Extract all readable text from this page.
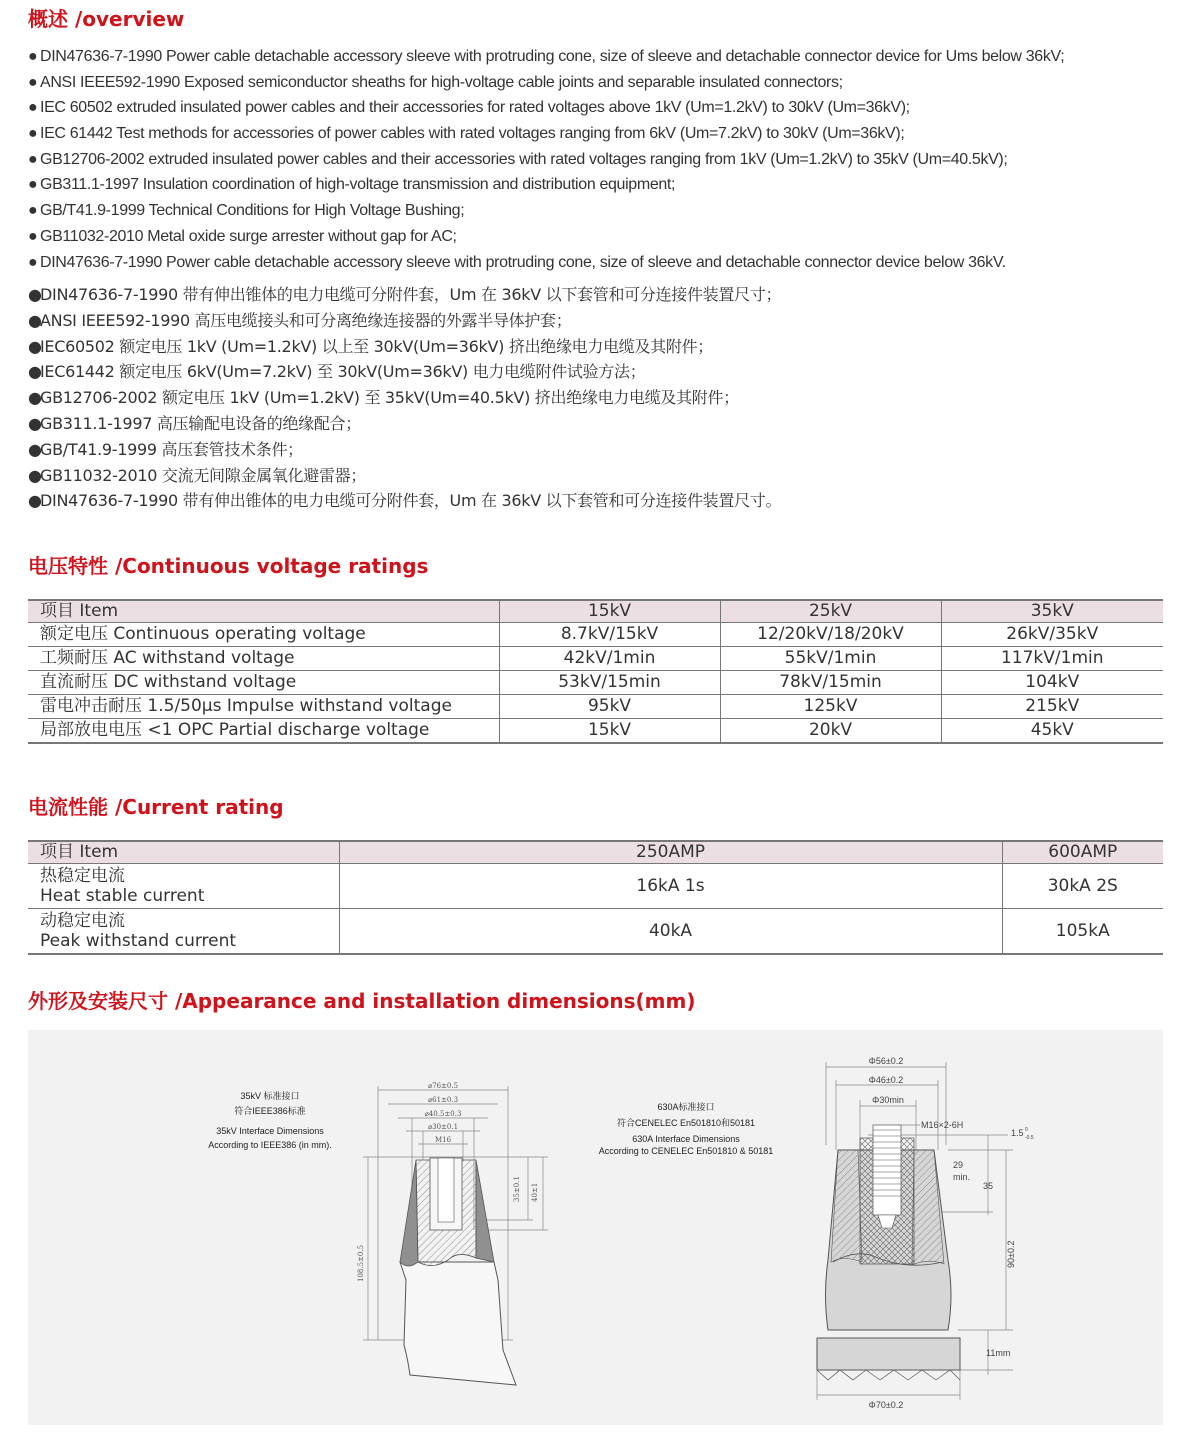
概述 /overview
● DIN47636-7-1990 Power cable detachable accessory sleeve with protruding cone, size of sleeve and detachable connector device for Ums below 36kV;
● ANSI IEEE592-1990 Exposed semiconductor sheaths for high-voltage cable joints and separable insulated connectors;
● IEC 60502 extruded insulated power cables and their accessories for rated voltages above 1kV (Um=1.2kV) to 30kV (Um=36kV);
● IEC 61442 Test methods for accessories of power cables with rated voltages ranging from 6kV (Um=7.2kV) to 30kV (Um=36kV);
● GB12706-2002 extruded insulated power cables and their accessories with rated voltages ranging from 1kV (Um=1.2kV) to 35kV (Um=40.5kV);
● GB311.1-1997 Insulation coordination of high-voltage transmission and distribution equipment;
● GB/T41.9-1999 Technical Conditions for High Voltage Bushing;
● GB11032-2010 Metal oxide surge arrester without gap for AC;
● DIN47636-7-1990 Power cable detachable accessory sleeve with protruding cone, size of sleeve and detachable connector device below 36kV.
●DIN47636-7-1990 带有伸出锥体的电力电缆可分附件套，Um 在 36kV 以下套管和可分连接件装置尺寸；
●ANSI IEEE592-1990 高压电缆接头和可分离绝缘连接器的外露半导体护套；
●IEC60502 额定电压 1kV (Um=1.2kV) 以上至 30kV(Um=36kV) 挤出绝缘电力电缆及其附件；
●IEC61442 额定电压 6kV(Um=7.2kV) 至 30kV(Um=36kV) 电力电缆附件试验方法；
●GB12706-2002 额定电压 1kV (Um=1.2kV) 至 35kV(Um=40.5kV) 挤出绝缘电力电缆及其附件；
●GB311.1-1997 高压输配电设备的绝缘配合；
●GB/T41.9-1999 高压套管技术条件；
●GB11032-2010 交流无间隙金属氧化避雷器；
●DIN47636-7-1990 带有伸出锥体的电力电缆可分附件套，Um 在 36kV 以下套管和可分连接件装置尺寸。
电压特性 /Continuous voltage ratings
项目 Item	15kV	25kV	35kV
额定电压 Continuous operating voltage	8.7kV/15kV	12/20kV/18/20kV	26kV/35kV
工频耐压 AC withstand voltage	42kV/1min	55kV/1min	117kV/1min
直流耐压 DC withstand voltage	53kV/15min	78kV/15min	104kV
雷电冲击耐压 1.5/50μs Impulse withstand voltage	95kV	125kV	215kV
局部放电电压 <1 OPC Partial discharge voltage	15kV	20kV	45kV
电流性能 /Current rating
项目 Item	250AMP	600AMP
热稳定电流
Heat stable current	16kA 1s	30kA 2S
动稳定电流
Peak withstand current	40kA	105kA
外形及安装尺寸 /Appearance and installation dimensions(mm)
35kV 标准接口
符合IEEE386标准
35kV Interface Dimensions
According to IEEE386 (in mm).
⌀76±0.5
⌀61±0.3
⌀40.5±0.3
⌀30±0.1
M16
35±0.1 40±1
108.5±0.5
630A标准接口
符合CENELEC En501810和50181
630A Interface Dimensions
According to CENELEC En501810 & 50181
Φ56±0.2
Φ46±0.2
Φ30min
M16×2-6H
1.5 0
-0.5
29
min.
35
90±0.2
11mm
Φ70±0.2
